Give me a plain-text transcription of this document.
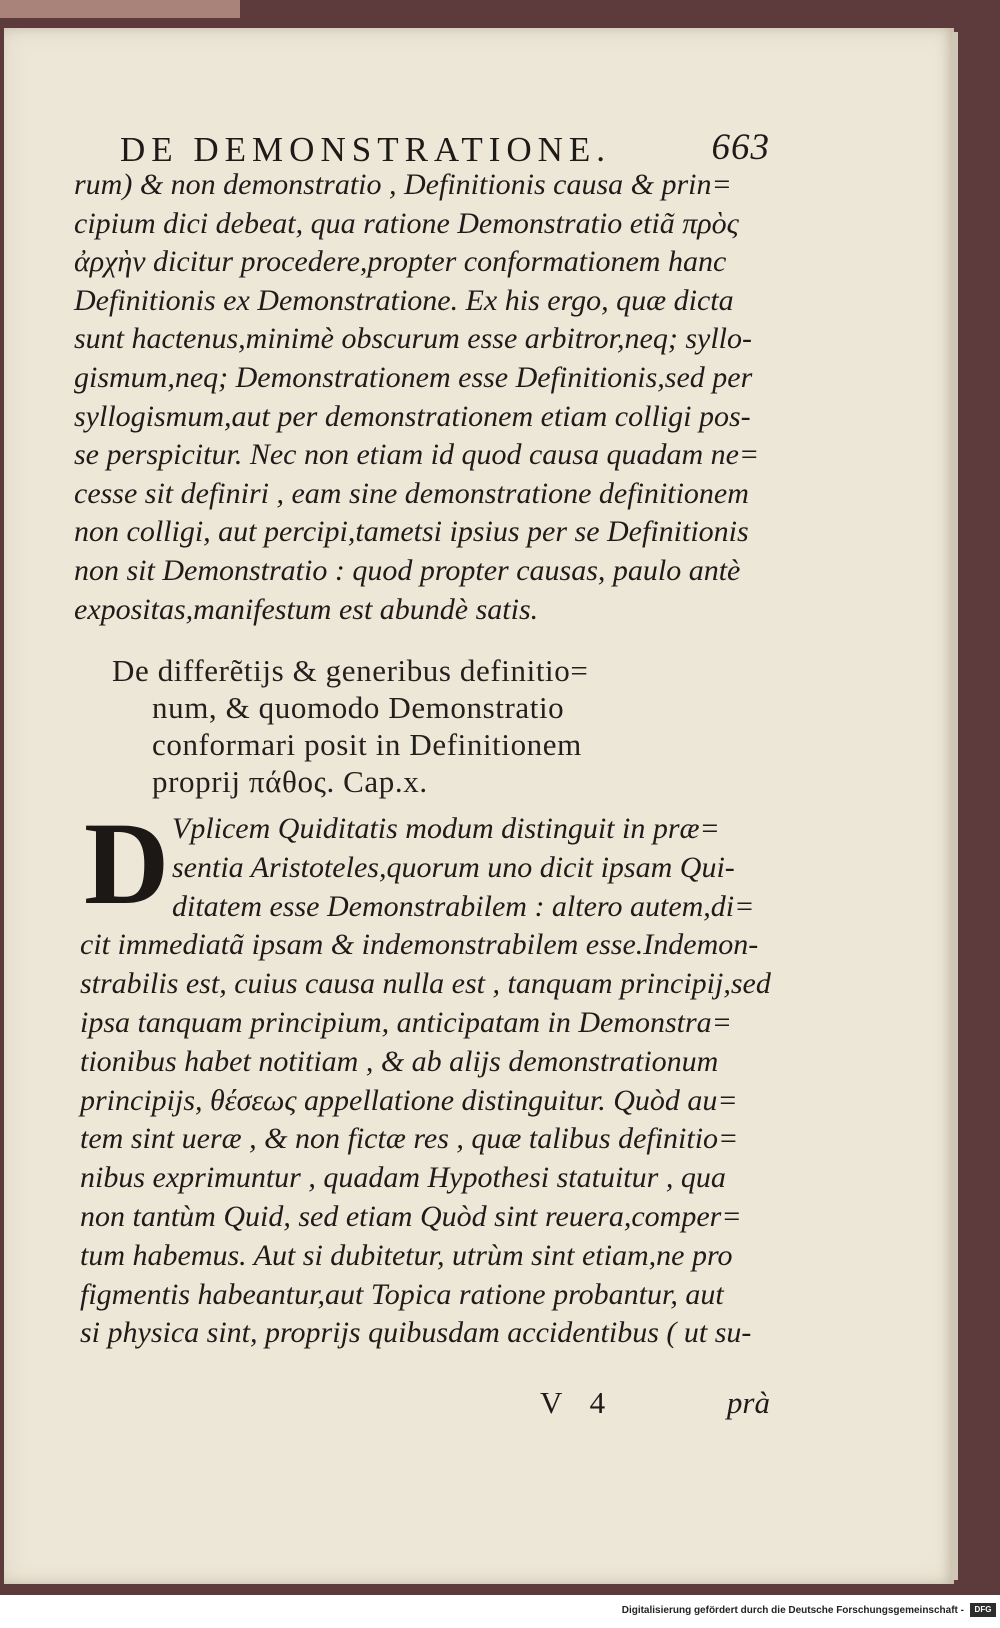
DE DEMONSTRATIONE.	663
rum) & non demonstratio , Definitionis causa & prin=
cipium dici debeat, qua ratione Demonstratio etiã πρὸς
ἀρχὴν dicitur procedere,propter conformationem hanc
Definitionis ex Demonstratione. Ex his ergo, quæ dicta
sunt hactenus,minimè obscurum esse arbitror,neq; syllo-
gismum,neq; Demonstrationem esse Definitionis,sed per
syllogismum,aut per demonstrationem etiam colligi pos-
se perspicitur. Nec non etiam id quod causa quadam ne=
cesse sit definiri , eam sine demonstratione definitionem
non colligi, aut percipi,tametsi ipsius per se Definitionis
non sit Demonstratio : quod propter causas, paulo antè
expositas,manifestum est abundè satis.
De differẽtijs & generibus definitio=
num, & quomodo Demonstratio
conformari posit in Definitionem
proprij πάθος. Cap.x.
D Vplicem Quiditatis modum distinguit in præ=
sentia Aristoteles,quorum uno dicit ipsam Qui-
ditatem esse Demonstrabilem : altero autem,di=
cit immediatã ipsam & indemonstrabilem esse.Indemon-
strabilis est, cuius causa nulla est , tanquam principij,sed
ipsa tanquam principium, anticipatam in Demonstra=
tionibus habet notitiam , & ab alijs demonstrationum
principijs, θέσεως appellatione distinguitur. Quòd au=
tem sint ueræ , & non fictæ res , quæ talibus definitio=
nibus exprimuntur , quadam Hypothesi statuitur , qua
non tantùm Quid, sed etiam Quòd sint reuera,comper=
tum habemus. Aut si dubitetur, utrùm sint etiam,ne pro
figmentis habeantur,aut Topica ratione probantur, aut
si physica sint, proprijs quibusdam accidentibus ( ut su-
V 4	prà
Digitalisierung gefördert durch die Deutsche Forschungsgemeinschaft -	DFG
